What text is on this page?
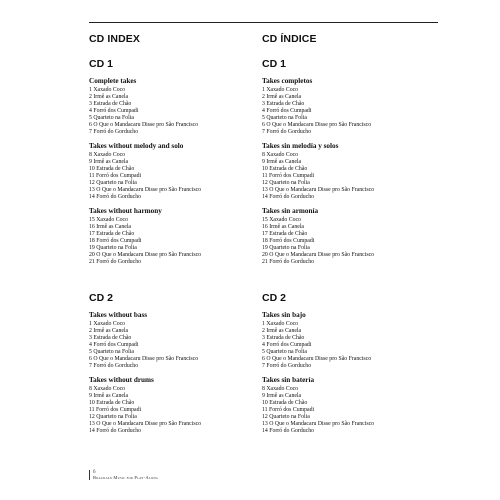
CD INDEX
CD 1
Complete takes
1 Xaxado Coco
2 Irmê as Canela
3 Estrada de Chão
4 Forró dos Cumpadi
5 Quarteto na Folia
6 O Que o Mandacaru Disse pro São Francisco
7 Forró do Gorducho
Takes without melody and solo
8 Xaxado Coco
9 Irmê as Canela
10 Estrada de Chão
11 Forró dos Cumpadi
12 Quarteto na Folia
13 O Que o Mandacaru Disse pro São Francisco
14 Forró do Gorducho
Takes without harmony
15 Xaxado Coco
16 Irmê as Canela
17 Estrada de Chão
18 Forró dos Cumpadi
19 Quarteto na Folia
20 O Que o Mandacaru Disse pro São Francisco
21 Forró do Gorducho
CD 2
Takes without bass
1 Xaxado Coco
2 Irmê as Canela
3 Estrada de Chão
4 Forró dos Cumpadi
5 Quarteto na Folia
6 O Que o Mandacaru Disse pro São Francisco
7 Forró do Gorducho
Takes without drums
8 Xaxado Coco
9 Irmê as Canela
10 Estrada de Chão
11 Forró dos Cumpadi
12 Quarteto na Folia
13 O Que o Mandacaru Disse pro São Francisco
14 Forró do Gorducho
CD ÍNDICE
CD 1
Takes completos
1 Xaxado Coco
2 Irmê as Canela
3 Estrada de Chão
4 Forró dos Cumpadi
5 Quarteto na Folia
6 O Que o Mandacaru Disse pro São Francisco
7 Forró do Gorducho
Takes sin melodía y solos
8 Xaxado Coco
9 Irmê as Canela
10 Estrada de Chão
11 Forró dos Cumpadi
12 Quarteto na Folia
13 O Que o Mandacaru Disse pro São Francisco
14 Forró do Gorducho
Takes sin armonía
15 Xaxado Coco
16 Irmê as Canela
17 Estrada de Chão
18 Forró dos Cumpadi
19 Quarteto na Folia
20 O Que o Mandacaru Disse pro São Francisco
21 Forró do Gorducho
CD 2
Takes sin bajo
1 Xaxado Coco
2 Irmê as Canela
3 Estrada de Chão
4 Forró dos Cumpadi
5 Quarteto na Folia
6 O Que o Mandacaru Disse pro São Francisco
7 Forró do Gorducho
Takes sin batería
8 Xaxado Coco
9 Irmê as Canela
10 Estrada de Chão
11 Forró dos Cumpadi
12 Quarteto na Folia
13 O Que o Mandacaru Disse pro São Francisco
14 Forró do Gorducho
6
Brazilian Music for Play-Along
